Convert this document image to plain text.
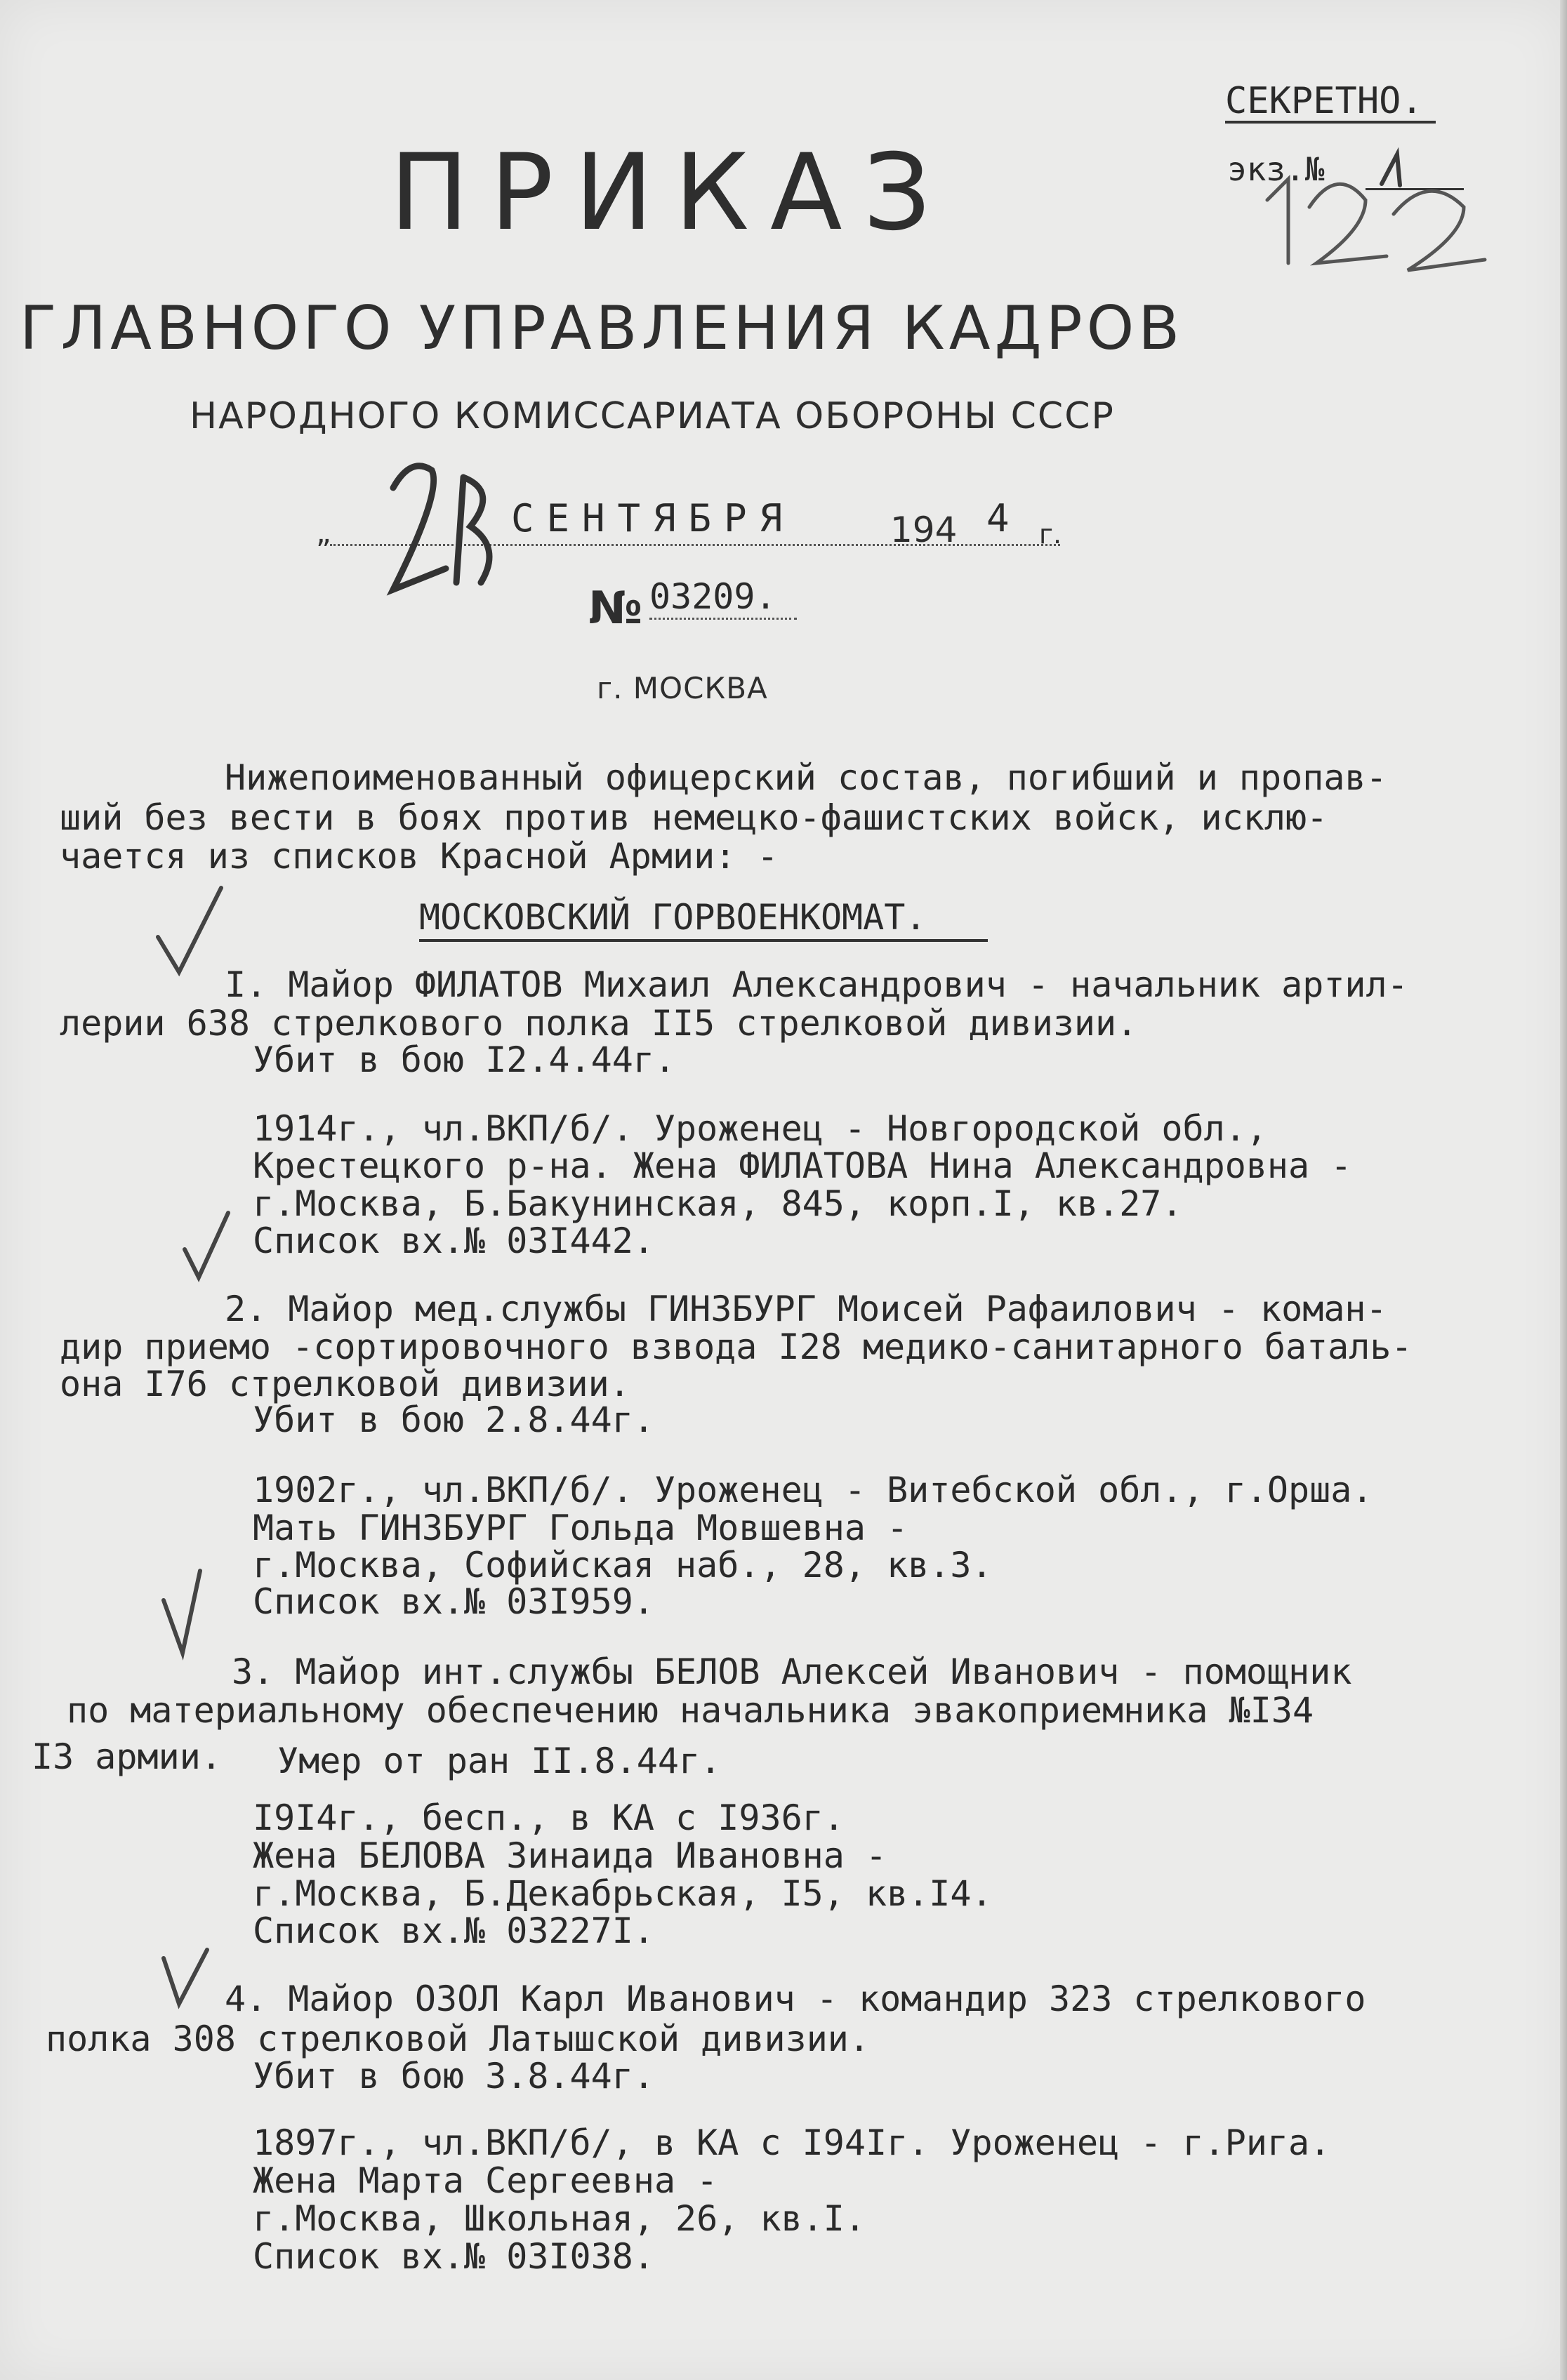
СЕКРЕТНО.
экз.№
ПРИКАЗ
ГЛАВНОГО УПРАВЛЕНИЯ КАДРОВ
НАРОДНОГО КОМИССАРИАТА ОБОРОНЫ СССР
„	СЕНТЯБРЯ	194 4 г.
№ 03209.
г. МОСКВА
Нижепоименованный офицерский состав, погибший и пропав-
ший без вести в боях против немецко-фашистских войск, исклю-
чается из списков Красной Армии: -
МОСКОВСКИЙ ГОРВОЕНКОМАТ.
I. Майор ФИЛАТОВ Михаил Александрович - начальник артил-
лерии 638 стрелкового полка II5 стрелковой дивизии.
Убит в бою I2.4.44г.
1914г., чл.ВКП/б/. Уроженец - Новгородской обл.,
Крестецкого р-на. Жена ФИЛАТОВА Нина Александровна -
г.Москва, Б.Бакунинская, 845, корп.I, кв.27.
Список вх.№ 03I442.
2. Майор мед.службы ГИНЗБУРГ Моисей Рафаилович - коман-
дир приемо -сортировочного взвода I28 медико-санитарного баталь-
она I76 стрелковой дивизии.
Убит в бою 2.8.44г.
1902г., чл.ВКП/б/. Уроженец - Витебской обл., г.Орша.
Мать ГИНЗБУРГ Гольда Мовшевна -
г.Москва, Софийская наб., 28, кв.3.
Список вх.№ 03I959.
3. Майор инт.службы БЕЛОВ Алексей Иванович - помощник
по материальному обеспечению начальника эвакоприемника №I34
I3 армии. Умер от ран II.8.44г.
I9I4г., бесп., в КА с I936г.
Жена БЕЛОВА Зинаида Ивановна -
г.Москва, Б.Декабрьская, I5, кв.I4.
Список вх.№ 03227I.
4. Майор ОЗОЛ Карл Иванович - командир 323 стрелкового
полка 308 стрелковой Латышской дивизии.
Убит в бою 3.8.44г.
1897г., чл.ВКП/б/, в КА с I94Iг. Уроженец - г.Рига.
Жена Марта Сергеевна -
г.Москва, Школьная, 26, кв.I.
Список вх.№ 03I038.
